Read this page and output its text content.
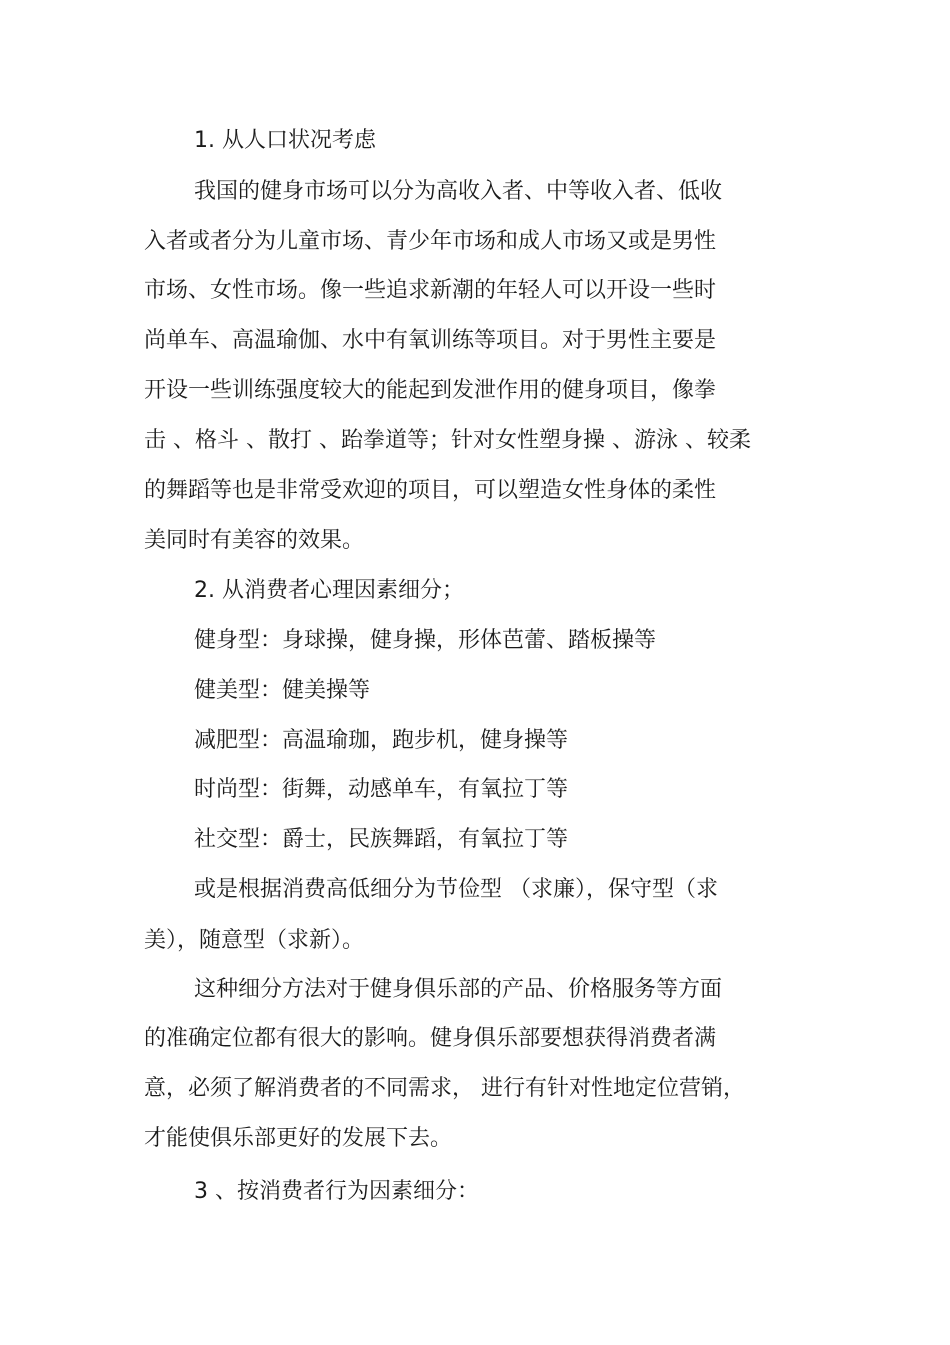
1. 从人口状况考虑
我国的健身市场可以分为高收入者、中等收入者、低收
入者或者分为儿童市场、青少年市场和成人市场又或是男性
市场、女性市场。像一些追求新潮的年轻人可以开设一些时
尚单车、高温瑜伽、水中有氧训练等项目。对于男性主要是
开设一些训练强度较大的能起到发泄作用的健身项目，像拳
击 、格斗 、散打 、跆拳道等；针对女性塑身操 、游泳 、较柔
的舞蹈等也是非常受欢迎的项目，可以塑造女性身体的柔性
美同时有美容的效果。
2. 从消费者心理因素细分；
健身型：身球操，健身操，形体芭蕾、踏板操等
健美型：健美操等
减肥型：高温瑜珈，跑步机，健身操等
时尚型：街舞，动感单车，有氧拉丁等
社交型：爵士，民族舞蹈，有氧拉丁等
或是根据消费高低细分为节俭型 （求廉），保守型（求
美），随意型（求新）。
这种细分方法对于健身俱乐部的产品、价格服务等方面
的准确定位都有很大的影响。健身俱乐部要想获得消费者满
意，必须了解消费者的不同需求， 进行有针对性地定位营销，
才能使俱乐部更好的发展下去。
3 、按消费者行为因素细分：
